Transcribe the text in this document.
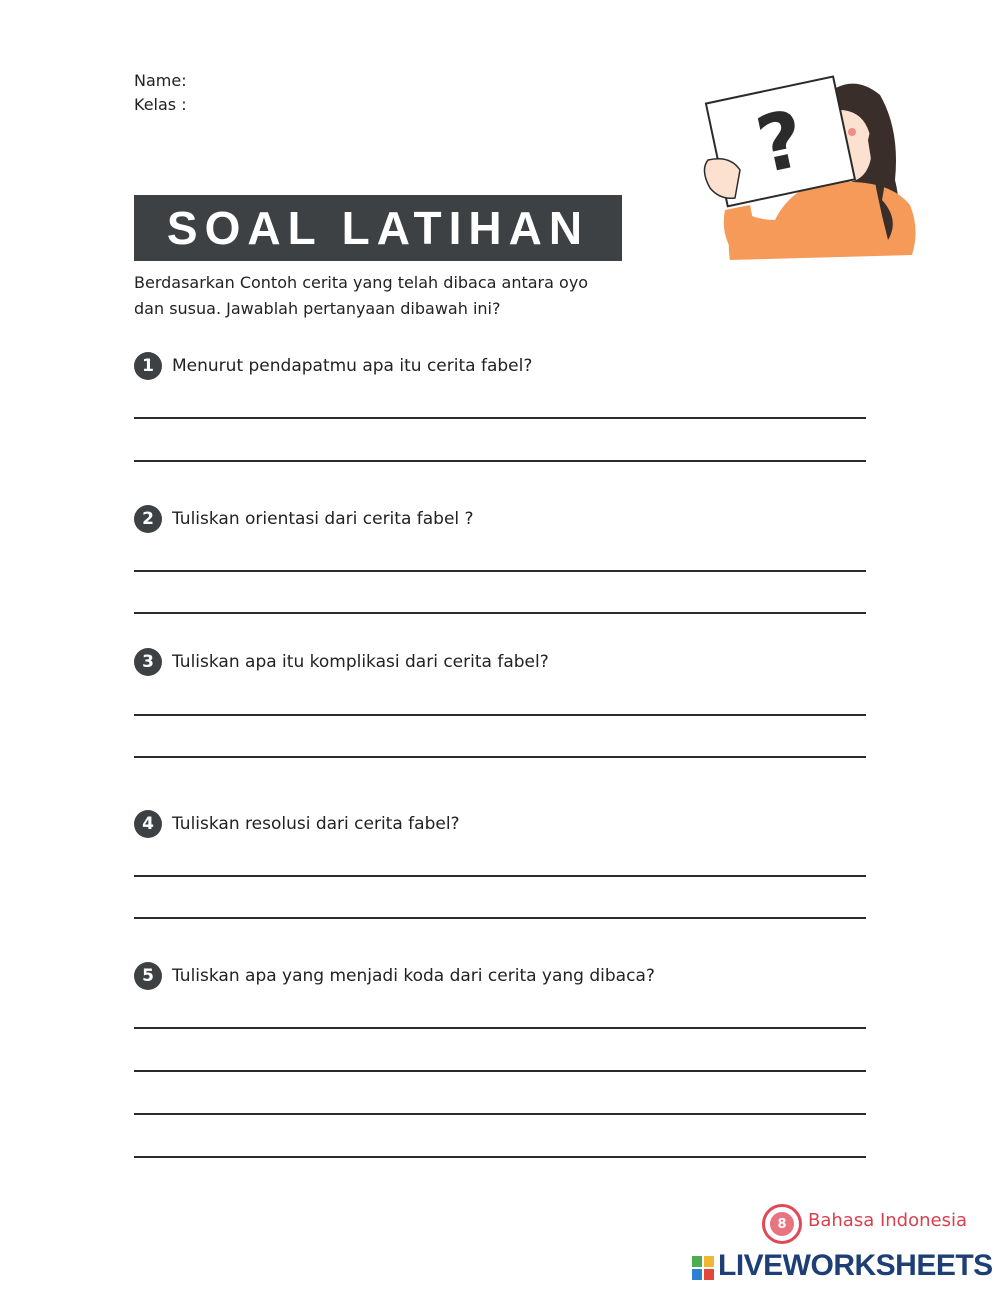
Name:
Kelas :	?
SOAL LATIHAN
Berdasarkan Contoh cerita yang telah dibaca antara oyo
dan susua. Jawablah pertanyaan dibawah ini?
1	Menurut pendapatmu apa itu cerita fabel?
2	Tuliskan orientasi dari cerita fabel ?
3	Tuliskan apa itu komplikasi dari cerita fabel?
4	Tuliskan resolusi dari cerita fabel?
5	Tuliskan apa yang menjadi koda dari cerita yang dibaca?
8	Bahasa Indonesia
LIVEWORKSHEETS
